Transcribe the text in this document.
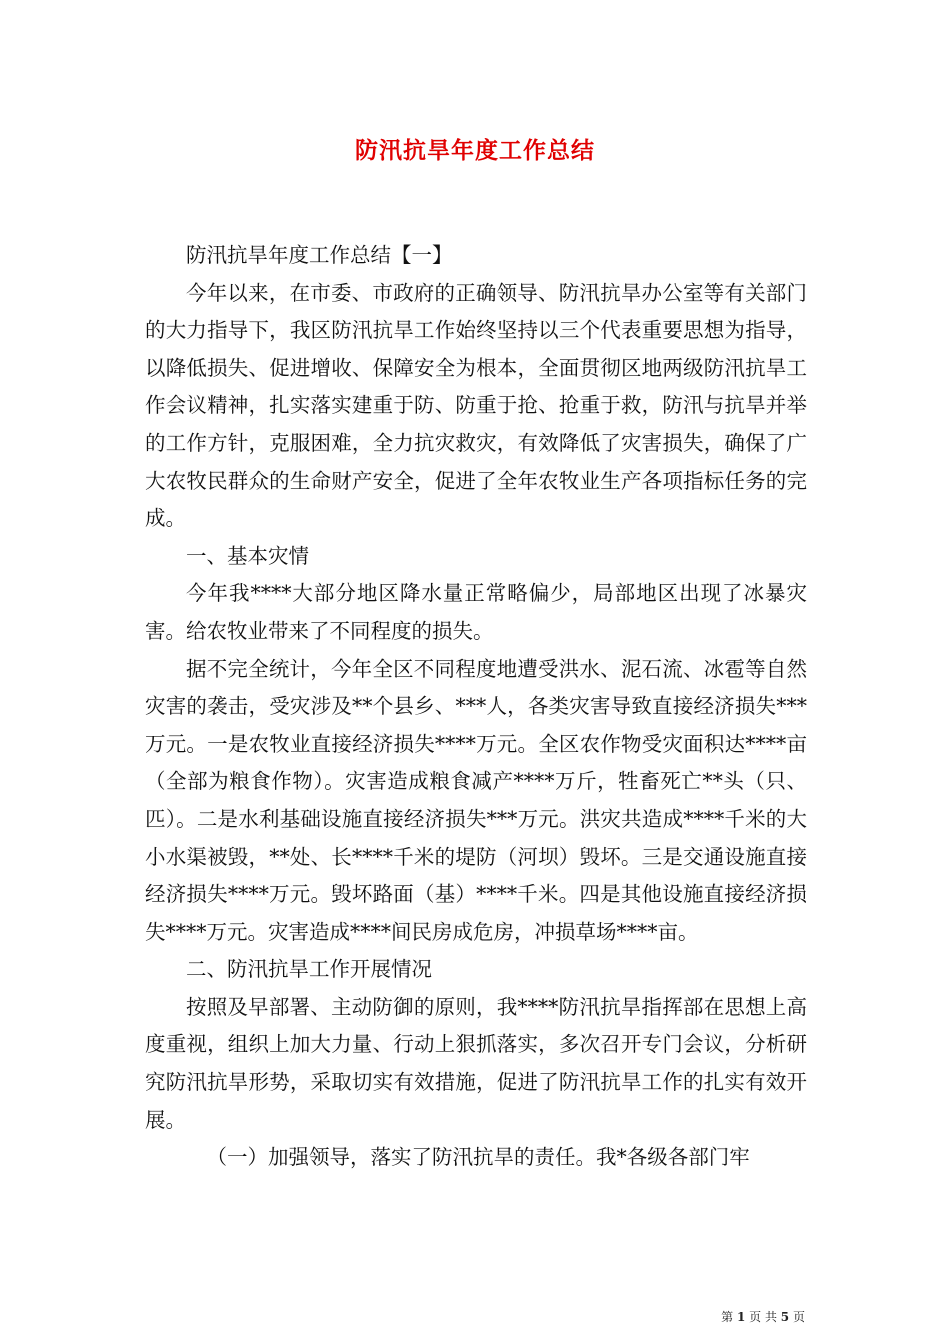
防汛抗旱年度工作总结

防汛抗旱年度工作总结【一】

今年以来，在市委、市政府的正确领导、防汛抗旱办公室等有关部门的大力指导下，我区防汛抗旱工作始终坚持以三个代表重要思想为指导，以降低损失、促进增收、保障安全为根本，全面贯彻区地两级防汛抗旱工作会议精神，扎实落实建重于防、防重于抢、抢重于救，防汛与抗旱并举的工作方针，克服困难，全力抗灾救灾，有效降低了灾害损失，确保了广大农牧民群众的生命财产安全，促进了全年农牧业生产各项指标任务的完成。

一、基本灾情

今年我****大部分地区降水量正常略偏少，局部地区出现了冰暴灾害。给农牧业带来了不同程度的损失。

据不完全统计，今年全区不同程度地遭受洪水、泥石流、冰雹等自然灾害的袭击，受灾涉及**个县乡、***人，各类灾害导致直接经济损失***万元。一是农牧业直接经济损失****万元。全区农作物受灾面积达****亩（全部为粮食作物）。灾害造成粮食减产****万斤，牲畜死亡**头（只、匹）。二是水利基础设施直接经济损失***万元。洪灾共造成****千米的大小水渠被毁，**处、长****千米的堤防（河坝）毁坏。三是交通设施直接经济损失****万元。毁坏路面（基）****千米。四是其他设施直接经济损失****万元。灾害造成****间民房成危房，冲损草场****亩。

二、防汛抗旱工作开展情况

按照及早部署、主动防御的原则，我****防汛抗旱指挥部在思想上高度重视，组织上加大力量、行动上狠抓落实，多次召开专门会议，分析研究防汛抗旱形势，采取切实有效措施，促进了防汛抗旱工作的扎实有效开展。

（一）加强领导，落实了防汛抗旱的责任。我*各级各部门牢

第 1 页 共 5 页
